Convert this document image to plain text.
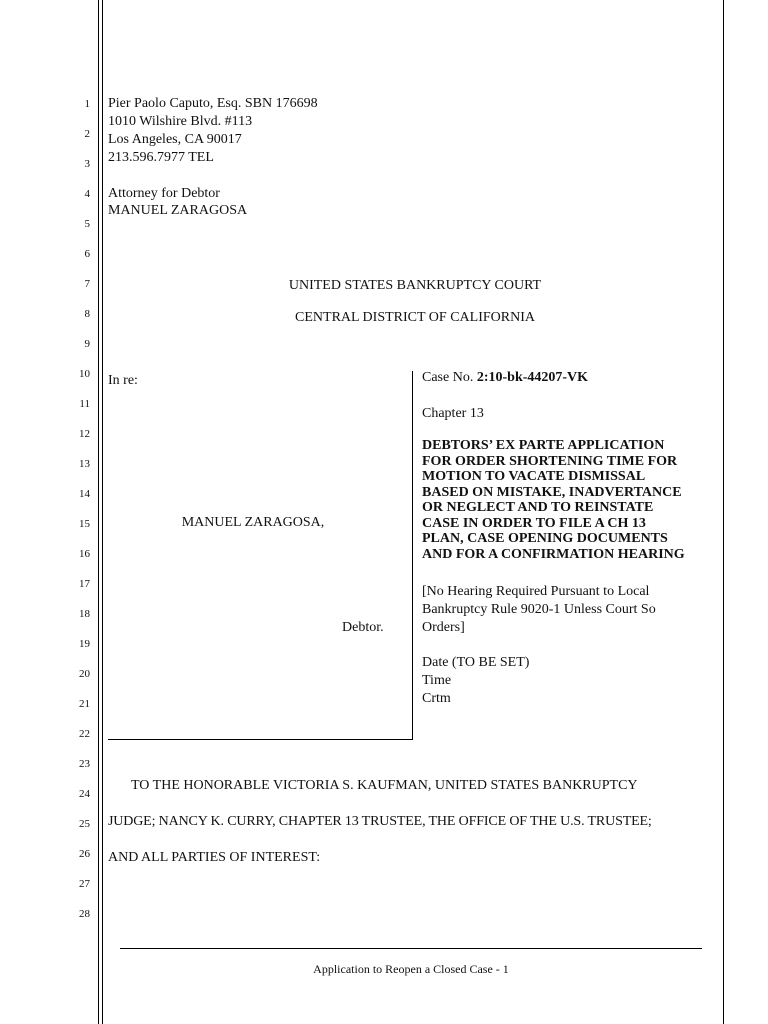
1
2
3
4
5
6
7
8
9
10
11
12
13
14
15
16
17
18
19
20
21
22
23
24
25
26
27
28
Pier Paolo Caputo, Esq. SBN 176698
1010 Wilshire Blvd. #113
Los Angeles, CA 90017
213.596.7977 TEL
Attorney for Debtor
MANUEL ZARAGOSA
UNITED STATES BANKRUPTCY COURT
CENTRAL DISTRICT OF CALIFORNIA
In re:
MANUEL ZARAGOSA,
Debtor.
Case No. 2:10-bk-44207-VK
Chapter 13
DEBTORS’ EX PARTE APPLICATION
FOR ORDER SHORTENING TIME FOR
MOTION TO VACATE DISMISSAL
BASED ON MISTAKE, INADVERTANCE
OR NEGLECT AND TO REINSTATE
CASE IN ORDER TO FILE A CH 13
PLAN, CASE OPENING DOCUMENTS
AND FOR A CONFIRMATION HEARING
[No Hearing Required Pursuant to Local
Bankruptcy Rule 9020-1 Unless Court So
Orders]
Date (TO BE SET)
Time
Crtm
TO THE HONORABLE VICTORIA S. KAUFMAN, UNITED STATES BANKRUPTCY
JUDGE; NANCY K. CURRY, CHAPTER 13 TRUSTEE, THE OFFICE OF THE U.S. TRUSTEE;
AND ALL PARTIES OF INTEREST:
Application to Reopen a Closed Case - 1
